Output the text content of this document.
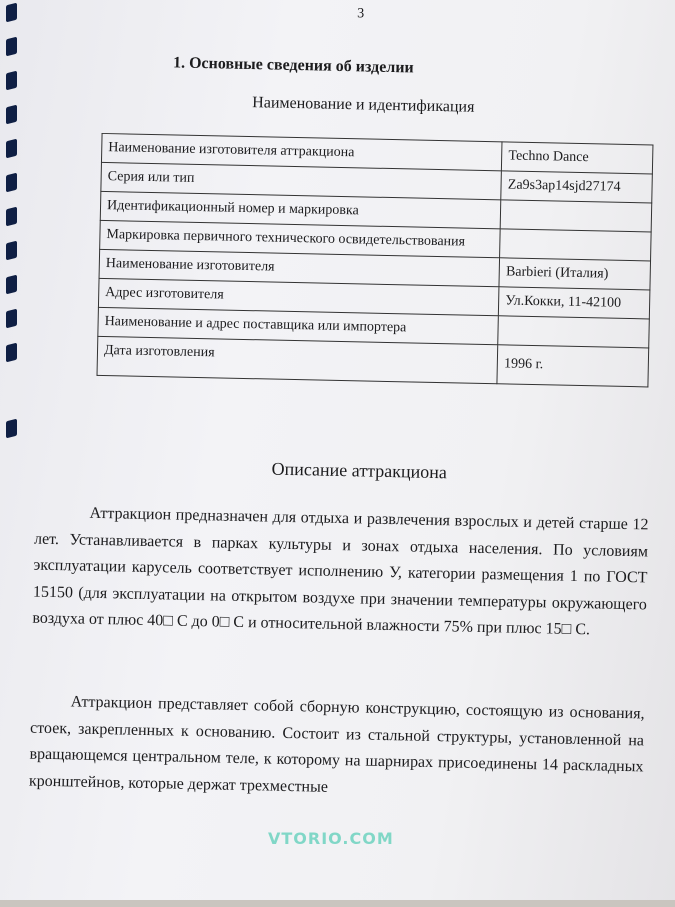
3
1. Основные сведения об изделии
Наименование и идентификация
Наименование изготовителя аттракциона	Techno Dance
Серия или тип	Za9s3ap14sjd27174
Идентификационный номер и маркировка	
Маркировка первичного технического освидетельствования	
Наименование изготовителя	Barbieri (Италия)
Адрес изготовителя	Ул.Кокки, 11-42100
Наименование и адрес поставщика или импортера	
Дата изготовления	1996 г.
Описание аттракциона

Аттракцион предназначен для отдыха и развлечения взрослых и детей старше 12 лет. Устанавливается в парках культуры и зонах отдыха населения. По условиям эксплуатации карусель соответствует исполнению У, категории размещения 1 по ГОСТ 15150 (для эксплуатации на открытом воздухе при значении температуры окружающего воздуха от плюс 40□ С до 0□ С и относительной влажности 75% при плюс 15□ С.

Аттракцион представляет собой сборную конструкцию, состоящую из основания, стоек, закрепленных к основанию. Состоит из стальной структуры, установленной на вращающемся центральном теле, к которому на шарнирах присоединены 14 раскладных кронштейнов, которые держат трехместные

VTORIO.COM
